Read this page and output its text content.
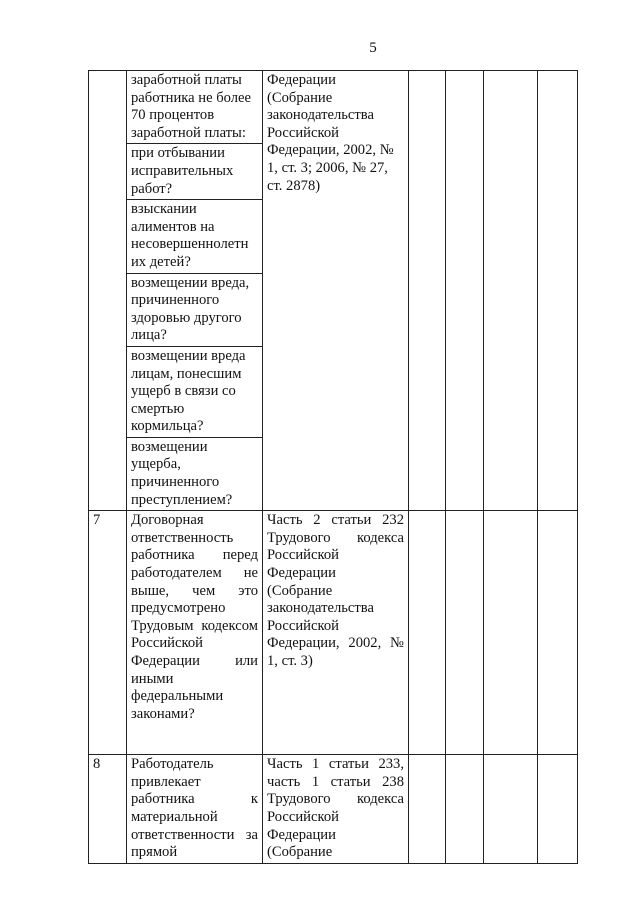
5

	заработной платы работника не более 70 процентов заработной платы:	Федерации (Собрание законодательства Российской Федерации, 2002, № 1, ст. 3; 2006, № 27, ст. 2878)				

	при отбывании исправительных работ?					

	взыскании алиментов на несовершеннолетн их детей?					

	возмещении вреда, причиненного здоровью другого лица?					

	возмещении вреда лицам, понесшим ущерб в связи со смертью кормильца?					

	возмещении ущерба, причиненного преступлением?					

7	Договорная ответственность работника перед работодателем не выше, чем это предусмотрено Трудовым кодексом Российской Федерации или иными федеральными законами?	Часть 2 статьи 232 Трудового кодекса Российской Федерации (Собрание законодательства Российской Федерации, 2002, № 1, ст. 3)				

8	Работодатель привлекает работника к материальной ответственности за прямой	Часть 1 статьи 233, часть 1 статьи 238 Трудового кодекса Российской Федерации (Собрание				
